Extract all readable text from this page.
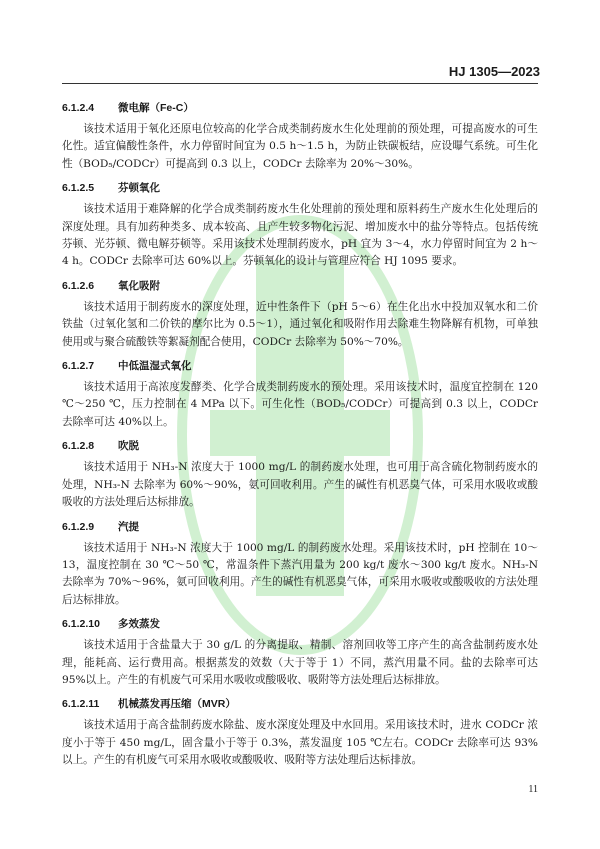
HJ 1305—2023
6.1.2.4 微电解（Fe-C）

该技术适用于氧化还原电位较高的化学合成类制药废水生化处理前的预处理，可提高废水的可生化性。适宜偏酸性条件，水力停留时间宜为 0.5 h～1.5 h，为防止铁碳板结，应设曝气系统。可生化性（BOD₅/CODCr）可提高到 0.3 以上，CODCr 去除率为 20%～30%。

6.1.2.5 芬顿氧化

该技术适用于难降解的化学合成类制药废水生化处理前的预处理和原料药生产废水生化处理后的深度处理。具有加药种类多、成本较高、且产生较多物化污泥、增加废水中的盐分等特点。包括传统芬顿、光芬顿、微电解芬顿等。采用该技术处理制药废水，pH 宜为 3～4，水力停留时间宜为 2 h～4 h。CODCr 去除率可达 60%以上。芬顿氧化的设计与管理应符合 HJ 1095 要求。

6.1.2.6 氧化吸附

该技术适用于制药废水的深度处理，近中性条件下（pH 5～6）在生化出水中投加双氧水和二价铁盐（过氧化氢和二价铁的摩尔比为 0.5～1），通过氧化和吸附作用去除难生物降解有机物，可单独使用或与聚合硫酸铁等絮凝剂配合使用，CODCr 去除率为 50%～70%。

6.1.2.7 中低温湿式氧化

该技术适用于高浓度发酵类、化学合成类制药废水的预处理。采用该技术时，温度宜控制在 120 ℃～250 ℃，压力控制在 4 MPa 以下。可生化性（BOD₅/CODCr）可提高到 0.3 以上，CODCr 去除率可达 40%以上。

6.1.2.8 吹脱

该技术适用于 NH₃-N 浓度大于 1000 mg/L 的制药废水处理，也可用于高含硫化物制药废水的处理，NH₃-N 去除率为 60%～90%，氨可回收利用。产生的碱性有机恶臭气体，可采用水吸收或酸吸收的方法处理后达标排放。

6.1.2.9 汽提

该技术适用于 NH₃-N 浓度大于 1000 mg/L 的制药废水处理。采用该技术时，pH 控制在 10～13，温度控制在 30 ℃～50 ℃，常温条件下蒸汽用量为 200 kg/t 废水～300 kg/t 废水。NH₃-N 去除率为 70%～96%，氨可回收利用。产生的碱性有机恶臭气体，可采用水吸收或酸吸收的方法处理后达标排放。

6.1.2.10 多效蒸发

该技术适用于含盐量大于 30 g/L 的分离提取、精制、溶剂回收等工序产生的高含盐制药废水处理，能耗高、运行费用高。根据蒸发的效数（大于等于 1）不同，蒸汽用量不同。盐的去除率可达 95%以上。产生的有机废气可采用水吸收或酸吸收、吸附等方法处理后达标排放。

6.1.2.11 机械蒸发再压缩（MVR）

该技术适用于高含盐制药废水除盐、废水深度处理及中水回用。采用该技术时，进水 CODCr 浓度小于等于 450 mg/L，固含量小于等于 0.3%，蒸发温度 105 ℃左右。CODCr 去除率可达 93%以上。产生的有机废气可采用水吸收或酸吸收、吸附等方法处理后达标排放。

11
